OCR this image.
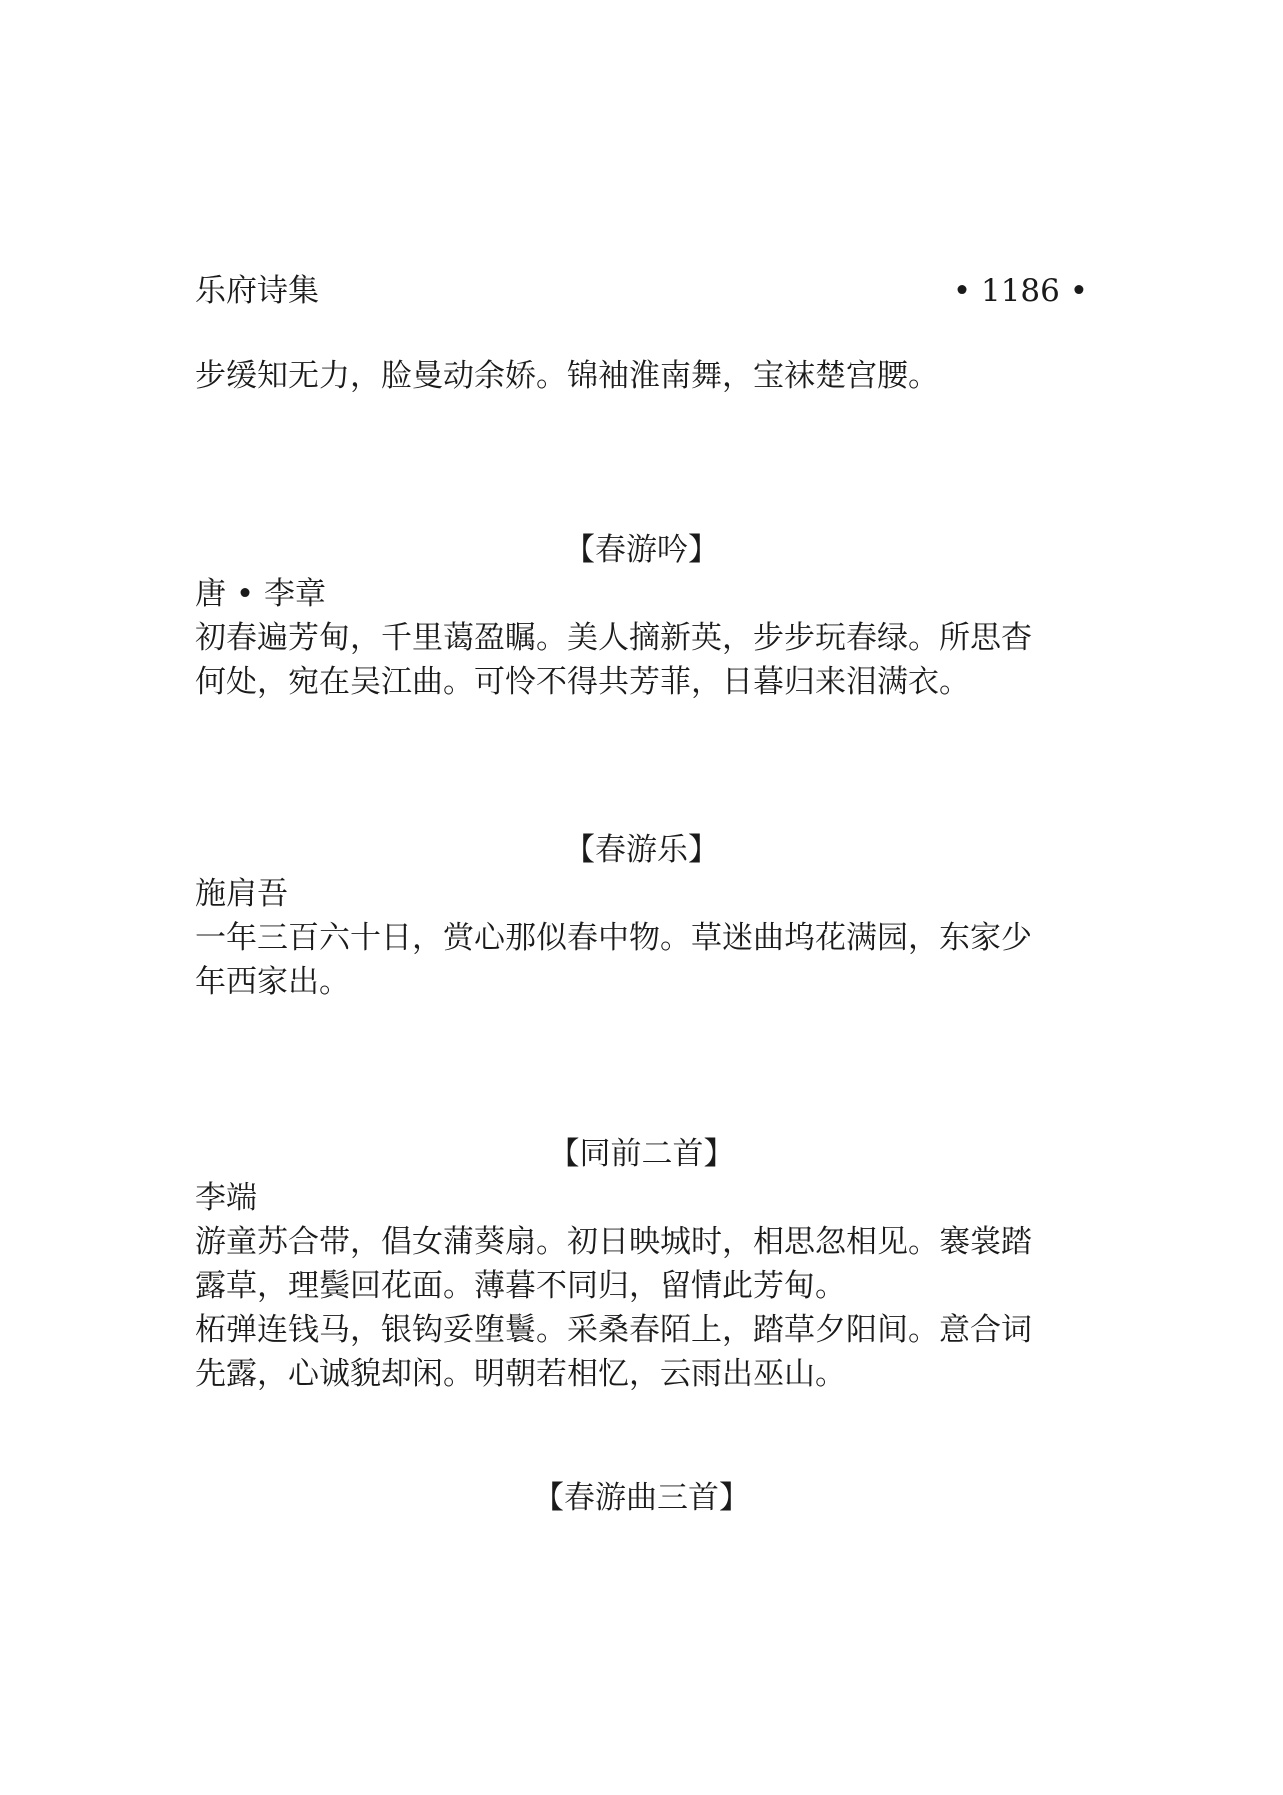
乐府诗集	• 1186 •
步缓知无力，脸曼动余娇。锦袖淮南舞，宝袜楚宫腰。
【春游吟】
唐 • 李章
初春遍芳甸，千里蔼盈瞩。美人摘新英，步步玩春绿。所思杳
何处，宛在吴江曲。可怜不得共芳菲，日暮归来泪满衣。
【春游乐】
施肩吾
一年三百六十日，赏心那似春中物。草迷曲坞花满园，东家少
年西家出。
【同前二首】
李端
游童苏合带，倡女蒲葵扇。初日映城时，相思忽相见。褰裳踏
露草，理鬓回花面。薄暮不同归，留情此芳甸。
柘弹连钱马，银钩妥堕鬟。采桑春陌上，踏草夕阳间。意合词
先露，心诚貌却闲。明朝若相忆，云雨出巫山。
【春游曲三首】
